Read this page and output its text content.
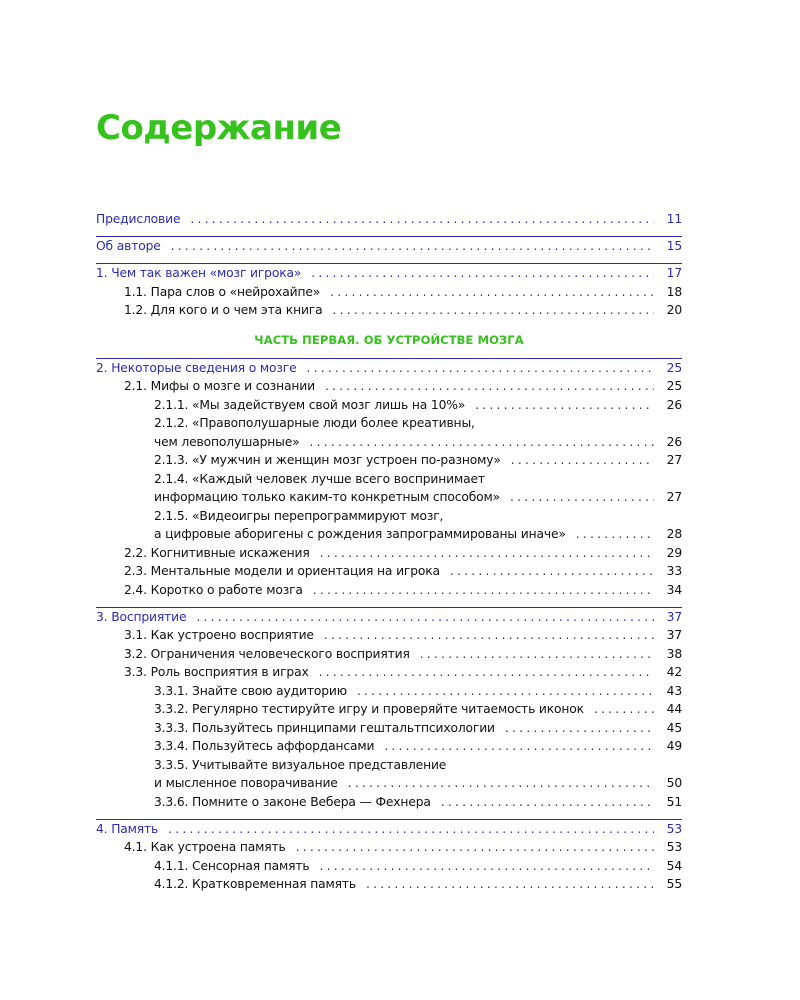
Содержание
Предисловие .....	11
Об авторе .....	15
1. Чем так важен «мозг игрока» .....	17
1.1. Пара слов о «нейрохайпе» .....	18
1.2. Для кого и о чем эта книга .....	20
ЧАСТЬ ПЕРВАЯ. ОБ УСТРОЙСТВЕ МОЗГА
2. Некоторые сведения о мозге .....	25
2.1. Мифы о мозге и сознании .....	25
2.1.1. «Мы задействуем свой мозг лишь на 10%» .....	26
2.1.2. «Правополушарные люди более креативны,
чем левополушарные» .....	26
2.1.3. «У мужчин и женщин мозг устроен по-разному» .....	27
2.1.4. «Каждый человек лучше всего воспринимает
информацию только каким-то конкретным способом» .....	27
2.1.5. «Видеоигры перепрограммируют мозг,
а цифровые аборигены с рождения запрограммированы иначе» .....	28
2.2. Когнитивные искажения .....	29
2.3. Ментальные модели и ориентация на игрока .....	33
2.4. Коротко о работе мозга .....	34
3. Восприятие .....	37
3.1. Как устроено восприятие .....	37
3.2. Ограничения человеческого восприятия .....	38
3.3. Роль восприятия в играх .....	42
3.3.1. Знайте свою аудиторию .....	43
3.3.2. Регулярно тестируйте игру и проверяйте читаемость иконок .....	44
3.3.3. Пользуйтесь принципами гештальтпсихологии .....	45
3.3.4. Пользуйтесь аффордансами .....	49
3.3.5. Учитывайте визуальное представление
и мысленное поворачивание .....	50
3.3.6. Помните о законе Вебера — Фехнера .....	51
4. Память .....	53
4.1. Как устроена память .....	53
4.1.1. Сенсорная память .....	54
4.1.2. Кратковременная память .....	55
